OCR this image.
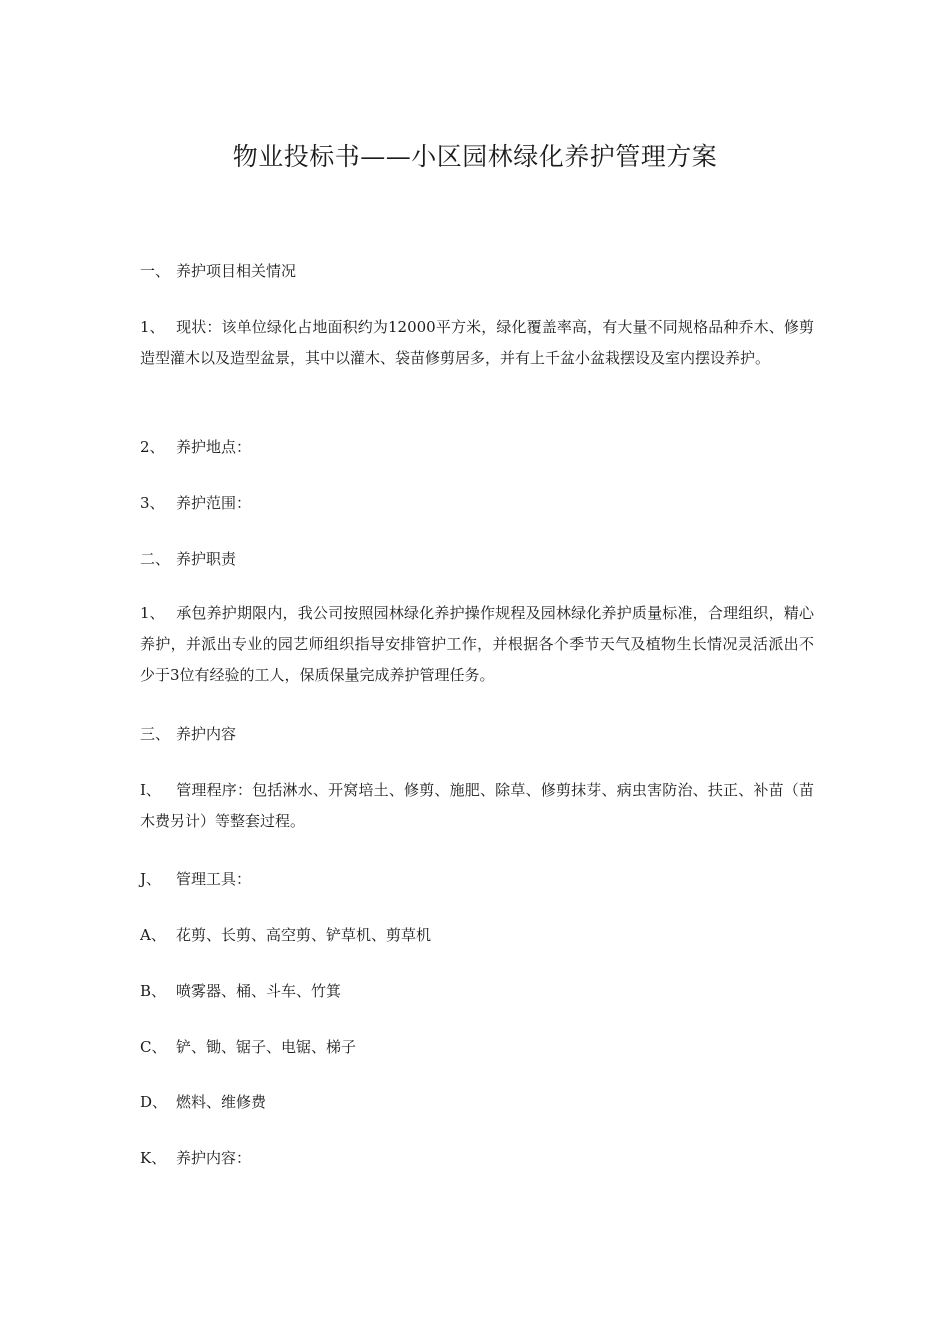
物业投标书——小区园林绿化养护管理方案
一、 养护项目相关情况
1、 现状：该单位绿化占地面积约为12000平方米，绿化覆盖率高，有大量不同规格品种乔木、修剪造型灌木以及造型盆景，其中以灌木、袋苗修剪居多，并有上千盆小盆栽摆设及室内摆设养护。
2、 养护地点：
3、 养护范围：
二、 养护职责
1、 承包养护期限内，我公司按照园林绿化养护操作规程及园林绿化养护质量标准，合理组织，精心养护，并派出专业的园艺师组织指导安排管护工作，并根据各个季节天气及植物生长情况灵活派出不少于3位有经验的工人，保质保量完成养护管理任务。
三、 养护内容
I、 管理程序：包括淋水、开窝培土、修剪、施肥、除草、修剪抹芽、病虫害防治、扶正、补苗（苗木费另计）等整套过程。
J、 管理工具：
A、 花剪、长剪、高空剪、铲草机、剪草机
B、 喷雾器、桶、斗车、竹箕
C、 铲、锄、锯子、电锯、梯子
D、 燃料、维修费
K、 养护内容：
